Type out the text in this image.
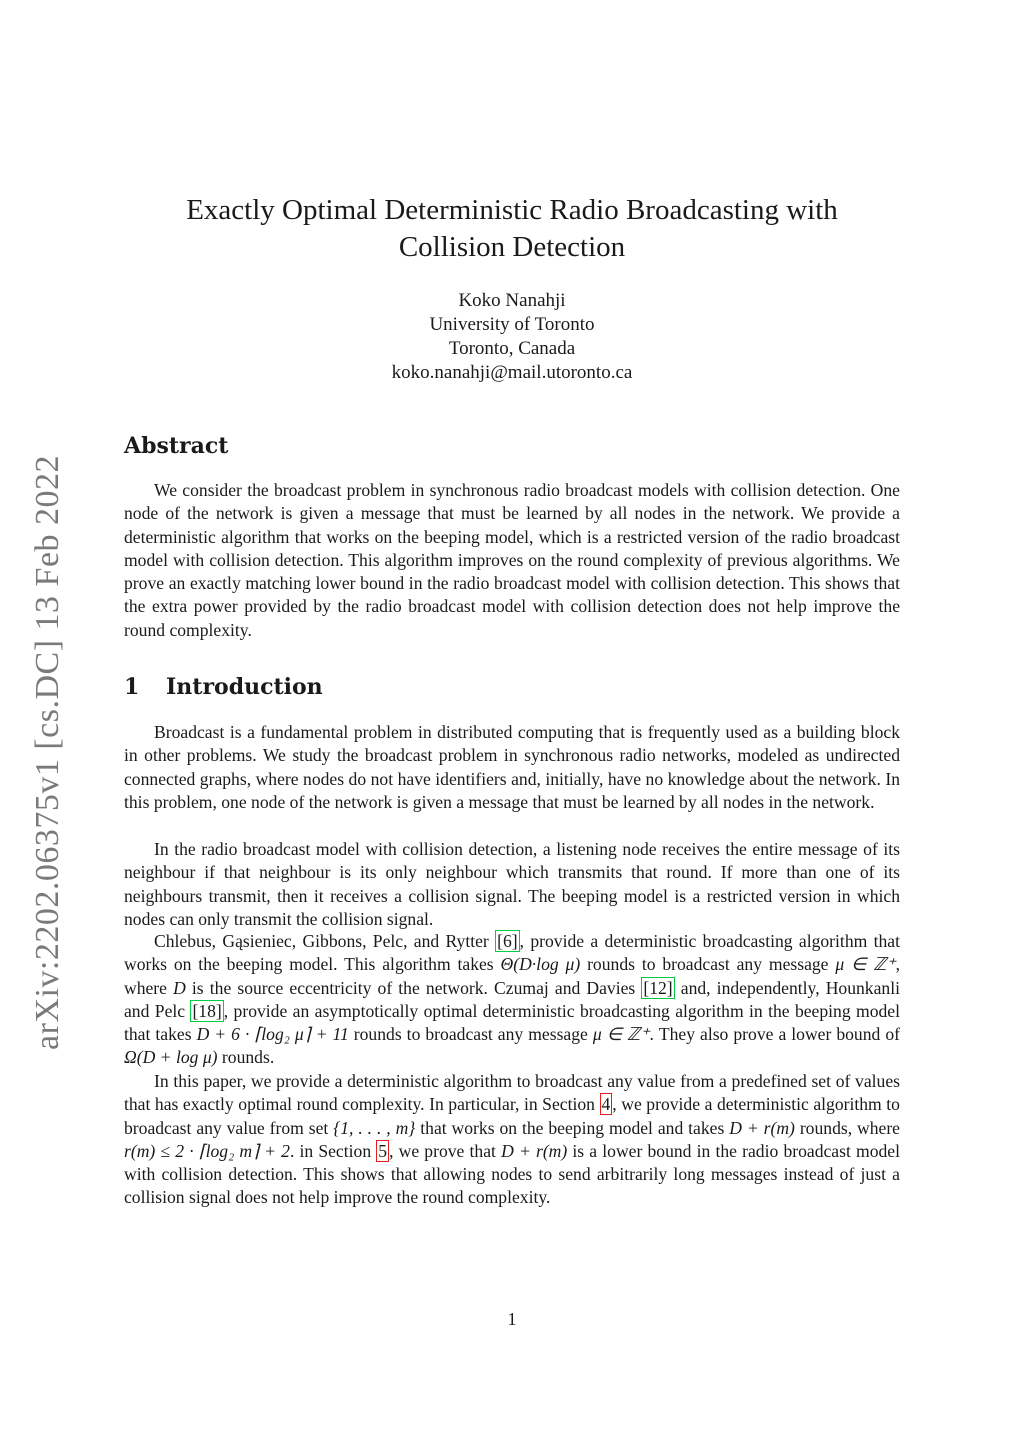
arXiv:2202.06375v1 [cs.DC] 13 Feb 2022
Exactly Optimal Deterministic Radio Broadcasting with
Collision Detection
Koko Nanahji
University of Toronto
Toronto, Canada
koko.nanahji@mail.utoronto.ca
Abstract

We consider the broadcast problem in synchronous radio broadcast models with collision detection. One node of the network is given a message that must be learned by all nodes in the network. We provide a deterministic algorithm that works on the beeping model, which is a restricted version of the radio broadcast model with collision detection. This algorithm improves on the round complexity of previous algorithms. We prove an exactly matching lower bound in the radio broadcast model with collision detection. This shows that the extra power provided by the radio broadcast model with collision detection does not help improve the round complexity.

1 Introduction

Broadcast is a fundamental problem in distributed computing that is frequently used as a building block in other problems. We study the broadcast problem in synchronous radio networks, modeled as undirected connected graphs, where nodes do not have identifiers and, initially, have no knowledge about the network. In this problem, one node of the network is given a message that must be learned by all nodes in the network.

In the radio broadcast model with collision detection, a listening node receives the entire message of its neighbour if that neighbour is its only neighbour which transmits that round. If more than one of its neighbours transmit, then it receives a collision signal. The beeping model is a restricted version in which nodes can only transmit the collision signal.

Chlebus, Gąsieniec, Gibbons, Pelc, and Rytter [6] , provide a deterministic broadcasting algorithm that works on the beeping model. This algorithm takes Θ(D·log μ) rounds to broadcast any message μ ∈ ℤ⁺, where D is the source eccentricity of the network. Czumaj and Davies [12] and, independently, Hounkanli and Pelc [18] , provide an asymptotically optimal deterministic broadcasting algorithm in the beeping model that takes D + 6 · ⌈log₂ μ⌉ + 11 rounds to broadcast any message μ ∈ ℤ⁺. They also prove a lower bound of Ω(D + log μ) rounds.

In this paper, we provide a deterministic algorithm to broadcast any value from a predefined set of values that has exactly optimal round complexity. In particular, in Section 4 , we provide a deterministic algorithm to broadcast any value from set {1, . . . , m} that works on the beeping model and takes D + r(m) rounds, where r(m) ≤ 2 · ⌈log₂ m⌉ + 2. in Section 5 , we prove that D + r(m) is a lower bound in the radio broadcast model with collision detection. This shows that allowing nodes to send arbitrarily long messages instead of just a collision signal does not help improve the round complexity.

1
